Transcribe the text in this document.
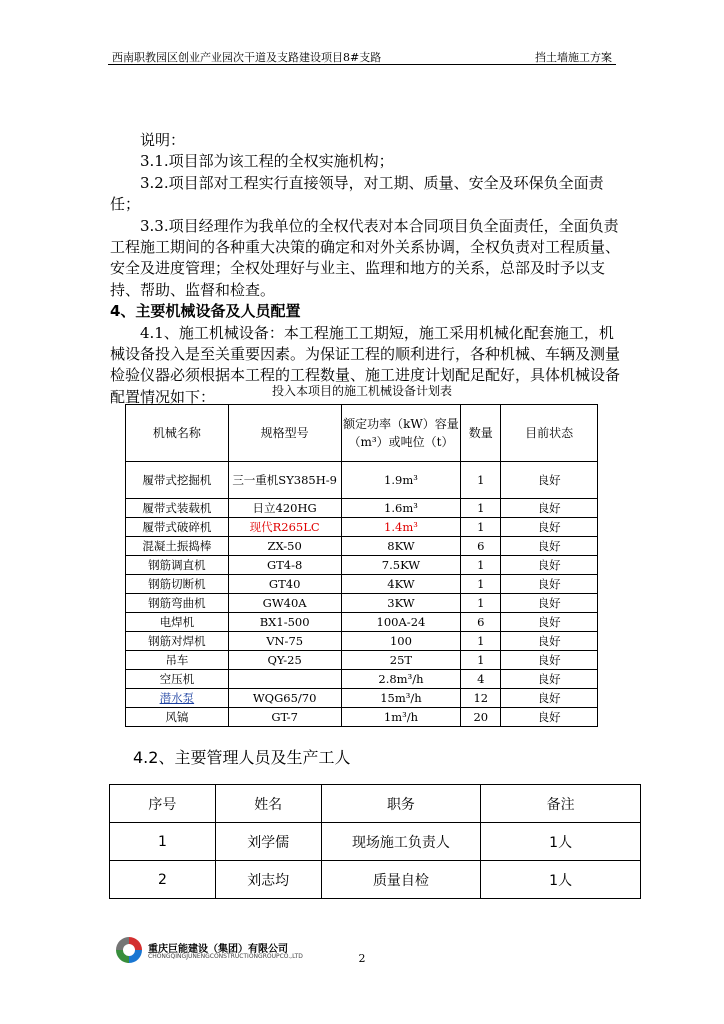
西南职教园区创业产业园次干道及支路建设项目8#支路	挡土墙施工方案

说明：

3.1.项目部为该工程的全权实施机构；

3.2.项目部对工程实行直接领导，对工期、质量、安全及环保负全面责任；

3.3.项目经理作为我单位的全权代表对本合同项目负全面责任，全面负责工程施工期间的各种重大决策的确定和对外关系协调，全权负责对工程质量、安全及进度管理；全权处理好与业主、监理和地方的关系，总部及时予以支持、帮助、监督和检查。

4、主要机械设备及人员配置

4.1、施工机械设备：本工程施工工期短，施工采用机械化配套施工，机械设备投入是至关重要因素。为保证工程的顺利进行，各种机械、车辆及测量检验仪器必须根据本工程的工程数量、施工进度计划配足配好，具体机械设备配置情况如下：	投入本项目的施工机械设备计划表
机械名称	规格型号	额定功率（kW）容量（m³）或吨位（t）	数量	目前状态
履带式挖掘机	三一重机SY385H-9	1.9m³	1	良好
履带式装载机	日立420HG	1.6m³	1	良好
履带式破碎机	现代R265LC	1.4m³	1	良好
混凝土振捣棒	ZX-50	8KW	6	良好
钢筋调直机	GT4-8	7.5KW	1	良好
钢筋切断机	GT40	4KW	1	良好
钢筋弯曲机	GW40A	3KW	1	良好
电焊机	BX1-500	100A-24	6	良好
钢筋对焊机	VN-75	100	1	良好
吊车	QY-25	25T	1	良好
空压机		2.8m³/h	4	良好
潜水泵	WQG65/70	15m³/h	12	良好
风镐	GT-7	1m³/h	20	良好
4.2、主要管理人员及生产工人
序号	姓名	职务	备注
1	刘学儒	现场施工负责人	1人
2	刘志均	质量自检	1人
重庆巨能建设（集团）有限公司
CHONGQINGJUNENGCONSTRUCTIONGROUPCO.,LTD	2
